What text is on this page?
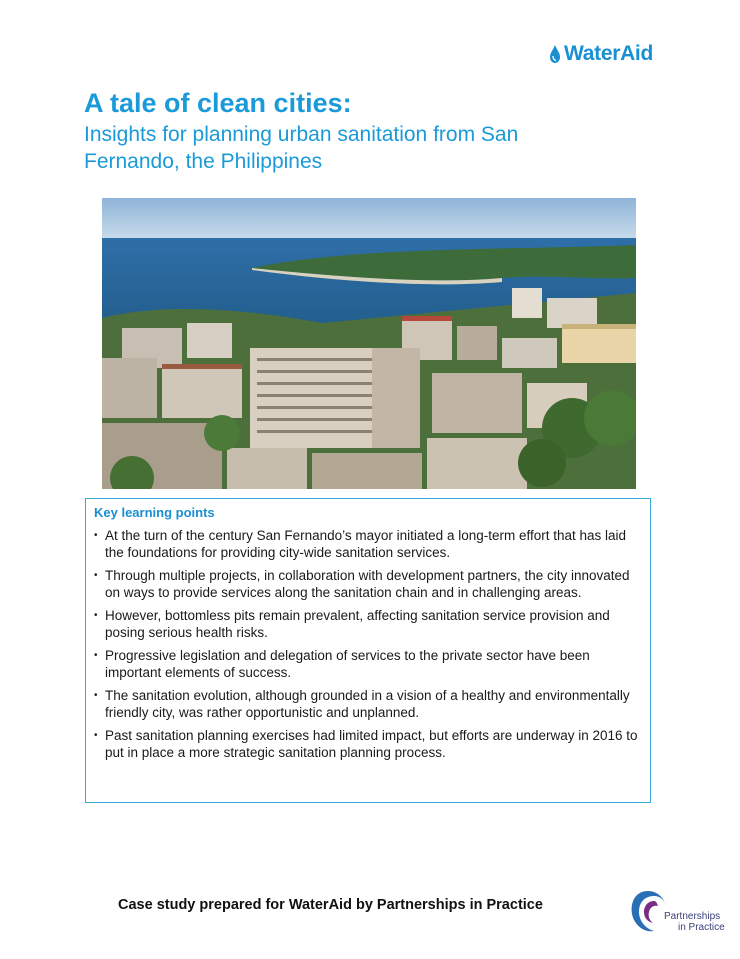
WaterAid
A tale of clean cities:

Insights for planning urban sanitation from San Fernando, the Philippines

Key learning points
• At the turn of the century San Fernando’s mayor initiated a long-term effort that has laid the foundations for providing city-wide sanitation services.
• Through multiple projects, in collaboration with development partners, the city innovated on ways to provide services along the sanitation chain and in challenging areas.
• However, bottomless pits remain prevalent, affecting sanitation service provision and posing serious health risks.
• Progressive legislation and delegation of services to the private sector have been important elements of success.
• The sanitation evolution, although grounded in a vision of a healthy and environmentally friendly city, was rather opportunistic and unplanned.
• Past sanitation planning exercises had limited impact, but efforts are underway in 2016 to put in place a more strategic sanitation planning process.
Case study prepared for WaterAid by Partnerships in Practice
Partnerships
in Practice
